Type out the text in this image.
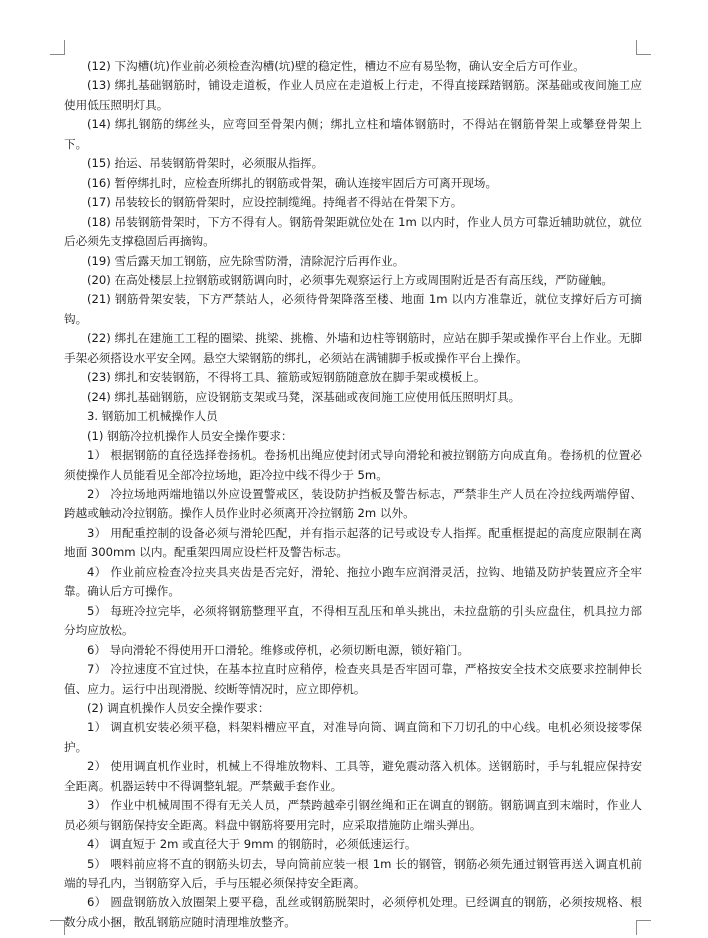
(12) 下沟槽(坑)作业前必须检查沟槽(坑)壁的稳定性，槽边不应有易坠物，确认安全后方可作业。

(13) 绑扎基础钢筋时，铺设走道板，作业人员应在走道板上行走，不得直接踩踏钢筋。深基础或夜间施工应使用低压照明灯具。

(14) 绑扎钢筋的绑丝头，应弯回至骨架内侧；绑扎立柱和墙体钢筋时，不得站在钢筋骨架上或攀登骨架上下。

(15) 抬运、吊装钢筋骨架时，必须服从指挥。

(16) 暂停绑扎时，应检查所绑扎的钢筋或骨架，确认连接牢固后方可离开现场。

(17) 吊装较长的钢筋骨架时，应设控制缆绳。持绳者不得站在骨架下方。

(18) 吊装钢筋骨架时，下方不得有人。钢筋骨架距就位处在 1m 以内时，作业人员方可靠近辅助就位，就位后必须先支撑稳固后再摘钩。

(19) 雪后露天加工钢筋，应先除雪防滑，清除泥泞后再作业。

(20) 在高处楼层上拉钢筋或钢筋调向时，必须事先观察运行上方或周围附近是否有高压线，严防碰触。

(21) 钢筋骨架安装，下方严禁站人，必须待骨架降落至楼、地面 1m 以内方准靠近，就位支撑好后方可摘钩。

(22) 绑扎在建施工工程的圈梁、挑梁、挑檐、外墙和边柱等钢筋时，应站在脚手架或操作平台上作业。无脚手架必须搭设水平安全网。悬空大梁钢筋的绑扎，必须站在满铺脚手板或操作平台上操作。

(23) 绑扎和安装钢筋，不得将工具、箍筋或短钢筋随意放在脚手架或模板上。

(24) 绑扎基础钢筋，应设钢筋支架或马凳，深基础或夜间施工应使用低压照明灯具。

3. 钢筋加工机械操作人员

(1) 钢筋冷拉机操作人员安全操作要求：

1） 根据钢筋的直径选择卷扬机。卷扬机出绳应使封闭式导向滑轮和被拉钢筋方向成直角。卷扬机的位置必须使操作人员能看见全部冷拉场地，距冷拉中线不得少于 5m。

2） 冷拉场地两端地锚以外应设置警戒区，装设防护挡板及警告标志，严禁非生产人员在冷拉线两端停留、跨越或触动冷拉钢筋。操作人员作业时必须离开冷拉钢筋 2m 以外。

3） 用配重控制的设备必须与滑轮匹配，并有指示起落的记号或设专人指挥。配重框提起的高度应限制在离地面 300mm 以内。配重架四周应设栏杆及警告标志。

4） 作业前应检查冷拉夹具夹齿是否完好，滑轮、拖拉小跑车应润滑灵活，拉钩、地锚及防护装置应齐全牢靠。确认后方可操作。

5） 每班冷拉完毕，必须将钢筋整理平直，不得相互乱压和单头挑出，未拉盘筋的引头应盘住，机具拉力部分均应放松。

6） 导向滑轮不得使用开口滑轮。维修或停机，必须切断电源，锁好箱门。

7） 冷拉速度不宜过快，在基本拉直时应稍停，检查夹具是否牢固可靠，严格按安全技术交底要求控制伸长值、应力。运行中出现滑脱、绞断等情况时，应立即停机。

(2) 调直机操作人员安全操作要求：

1） 调直机安装必须平稳，料架料槽应平直，对准导向筒、调直筒和下刀切孔的中心线。电机必须设接零保护。

2） 使用调直机作业时，机械上不得堆放物料、工具等，避免震动落入机体。送钢筋时，手与轧辊应保持安全距离。机器运转中不得调整轧辊。严禁戴手套作业。

3） 作业中机械周围不得有无关人员，严禁跨越牵引钢丝绳和正在调直的钢筋。钢筋调直到末端时，作业人员必须与钢筋保持安全距离。料盘中钢筋将要用完时，应采取措施防止端头弹出。

4） 调直短于 2m 或直径大于 9mm 的钢筋时，必须低速运行。

5） 喂料前应将不直的钢筋头切去，导向筒前应装一根 1m 长的钢管，钢筋必须先通过钢管再送入调直机前端的导孔内，当钢筋穿入后，手与压辊必须保持安全距离。

6） 圆盘钢筋放入放圈架上要平稳，乱丝或钢筋脱架时，必须停机处理。已经调直的钢筋，必须按规格、根数分成小捆，散乱钢筋应随时清理堆放整齐。
